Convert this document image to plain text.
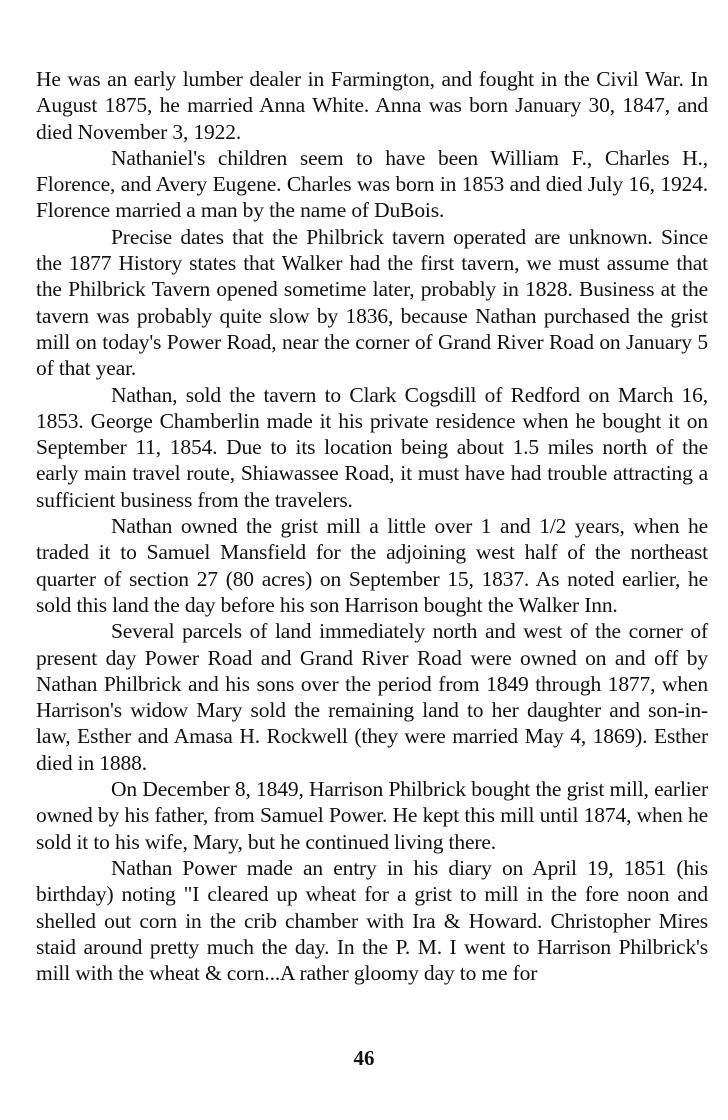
He was an early lumber dealer in Farmington, and fought in the Civil War. In August 1875, he married Anna White. Anna was born January 30, 1847, and died November 3, 1922.

Nathaniel's children seem to have been William F., Charles H., Florence, and Avery Eugene. Charles was born in 1853 and died July 16, 1924. Florence married a man by the name of DuBois.

Precise dates that the Philbrick tavern operated are unknown. Since the 1877 History states that Walker had the first tavern, we must assume that the Philbrick Tavern opened sometime later, probably in 1828. Business at the tavern was probably quite slow by 1836, because Nathan purchased the grist mill on today's Power Road, near the corner of Grand River Road on January 5 of that year.

Nathan, sold the tavern to Clark Cogsdill of Redford on March 16, 1853. George Chamberlin made it his private residence when he bought it on September 11, 1854. Due to its location being about 1.5 miles north of the early main travel route, Shiawassee Road, it must have had trouble attracting a sufficient business from the travelers.

Nathan owned the grist mill a little over 1 and 1/2 years, when he traded it to Samuel Mansfield for the adjoining west half of the northeast quarter of section 27 (80 acres) on September 15, 1837. As noted earlier, he sold this land the day before his son Harrison bought the Walker Inn.

Several parcels of land immediately north and west of the corner of present day Power Road and Grand River Road were owned on and off by Nathan Philbrick and his sons over the period from 1849 through 1877, when Harrison's widow Mary sold the remaining land to her daughter and son-in-law, Esther and Amasa H. Rockwell (they were married May 4, 1869). Esther died in 1888.

On December 8, 1849, Harrison Philbrick bought the grist mill, earlier owned by his father, from Samuel Power. He kept this mill until 1874, when he sold it to his wife, Mary, but he continued living there.

Nathan Power made an entry in his diary on April 19, 1851 (his birthday) noting "I cleared up wheat for a grist to mill in the fore noon and shelled out corn in the crib chamber with Ira & Howard. Christopher Mires staid around pretty much the day. In the P. M. I went to Harrison Philbrick's mill with the wheat & corn...A rather gloomy day to me for

46
